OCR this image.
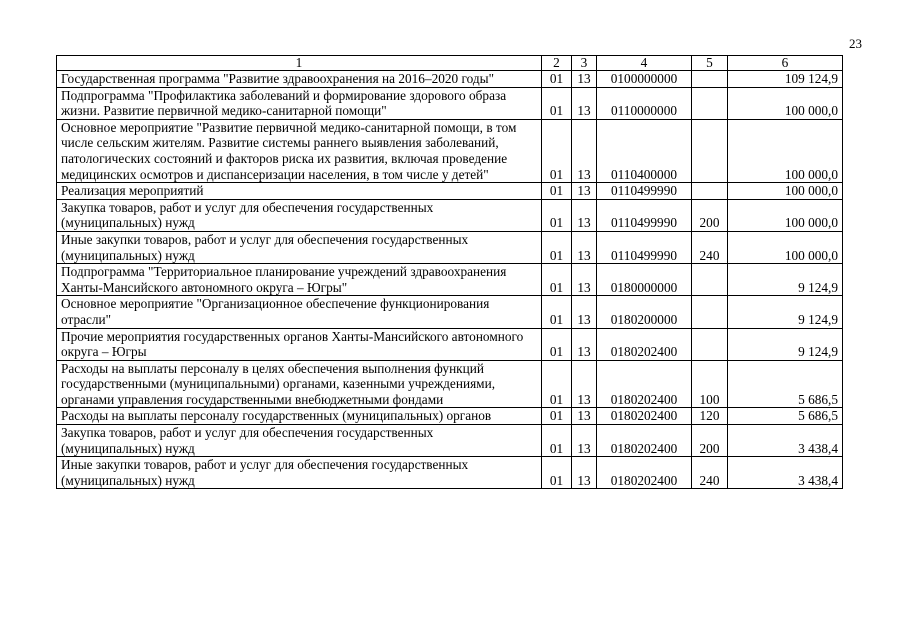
23
1	2	3	4	5	6
Государственная программа "Развитие здравоохранения на 2016–2020 годы"	01	13	0100000000		109 124,9
Подпрограмма "Профилактика заболеваний и формирование здорового образа жизни. Развитие первичной медико-санитарной помощи"	01	13	0110000000		100 000,0
Основное мероприятие "Развитие первичной медико-санитарной помощи, в том числе сельским жителям. Развитие системы раннего выявления заболеваний, патологических состояний и факторов риска их развития, включая проведение медицинских осмотров и диспансеризации населения, в том числе у детей"	01	13	0110400000		100 000,0
Реализация мероприятий	01	13	0110499990		100 000,0
Закупка товаров, работ и услуг для обеспечения государственных (муниципальных) нужд	01	13	0110499990	200	100 000,0
Иные закупки товаров, работ и услуг для обеспечения государственных (муниципальных) нужд	01	13	0110499990	240	100 000,0
Подпрограмма "Территориальное планирование учреждений здравоохранения Ханты-Мансийского автономного округа – Югры"	01	13	0180000000		9 124,9
Основное мероприятие "Организационное обеспечение функционирования отрасли"	01	13	0180200000		9 124,9
Прочие мероприятия государственных органов Ханты-Мансийского автономного округа – Югры	01	13	0180202400		9 124,9
Расходы на выплаты персоналу в целях обеспечения выполнения функций государственными (муниципальными) органами, казенными учреждениями, органами управления государственными внебюджетными фондами	01	13	0180202400	100	5 686,5
Расходы на выплаты персоналу государственных (муниципальных) органов	01	13	0180202400	120	5 686,5
Закупка товаров, работ и услуг для обеспечения государственных (муниципальных) нужд	01	13	0180202400	200	3 438,4
Иные закупки товаров, работ и услуг для обеспечения государственных (муниципальных) нужд	01	13	0180202400	240	3 438,4
